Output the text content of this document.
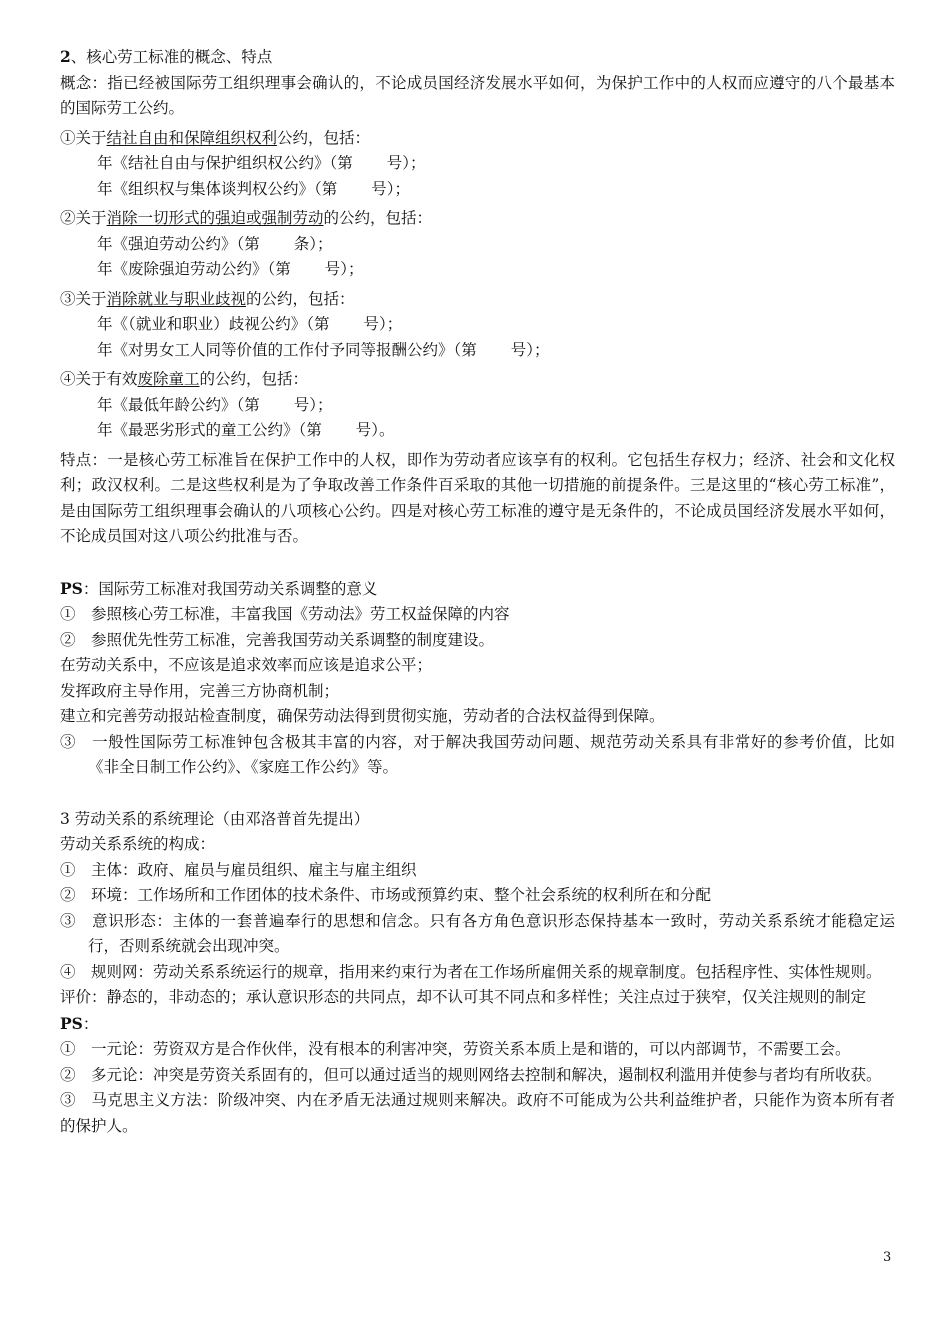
2、核心劳工标准的概念、特点
概念：指已经被国际劳工组织理事会确认的，不论成员国经济发展水平如何，为保护工作中的人权而应遵守的八个最基本的国际劳工公约。
①关于结社自由和保障组织权利公约，包括：
年《结社自由与保护组织权公约》（第 号）；
年《组织权与集体谈判权公约》（第 号）；
②关于消除一切形式的强迫或强制劳动的公约，包括：
年《强迫劳动公约》（第 条）；
年《废除强迫劳动公约》（第 号）；
③关于消除就业与职业歧视的公约，包括：
年《（就业和职业）歧视公约》（第 号）；
年《对男女工人同等价值的工作付予同等报酬公约》（第 号）；
④关于有效废除童工的公约，包括：
年《最低年龄公约》（第 号）；
年《最恶劣形式的童工公约》（第 号）。
特点：一是核心劳工标准旨在保护工作中的人权，即作为劳动者应该享有的权利。它包括生存权力；经济、社会和文化权利；政汉权利。二是这些权利是为了争取改善工作条件百采取的其他一切措施的前提条件。三是这里的“核心劳工标准”，是由国际劳工组织理事会确认的八项核心公约。四是对核心劳工标准的遵守是无条件的，不论成员国经济发展水平如何，不论成员国对这八项公约批准与否。
PS：国际劳工标准对我国劳动关系调整的意义
①　参照核心劳工标准，丰富我国《劳动法》劳工权益保障的内容
②　参照优先性劳工标准，完善我国劳动关系调整的制度建设。
在劳动关系中，不应该是追求效率而应该是追求公平；
发挥政府主导作用，完善三方协商机制；
建立和完善劳动报站检查制度，确保劳动法得到贯彻实施，劳动者的合法权益得到保障。
③　一般性国际劳工标准钟包含极其丰富的内容，对于解决我国劳动问题、规范劳动关系具有非常好的参考价值，比如《非全日制工作公约》、《家庭工作公约》等。
3 劳动关系的系统理论（由邓洛普首先提出）
劳动关系系统的构成：
①　主体：政府、雇员与雇员组织、雇主与雇主组织
②　环境：工作场所和工作团体的技术条件、市场或预算约束、整个社会系统的权利所在和分配
③　意识形态：主体的一套普遍奉行的思想和信念。只有各方角色意识形态保持基本一致时，劳动关系系统才能稳定运行，否则系统就会出现冲突。
④　规则网：劳动关系系统运行的规章，指用来约束行为者在工作场所雇佣关系的规章制度。包括程序性、实体性规则。
评价：静态的，非动态的；承认意识形态的共同点，却不认可其不同点和多样性；关注点过于狭窄，仅关注规则的制定
PS：
①　一元论：劳资双方是合作伙伴，没有根本的利害冲突，劳资关系本质上是和谐的，可以内部调节，不需要工会。
②　多元论：冲突是劳资关系固有的，但可以通过适当的规则网络去控制和解决，遏制权利滥用并使参与者均有所收获。
③　马克思主义方法：阶级冲突、内在矛盾无法通过规则来解决。政府不可能成为公共利益维护者，只能作为资本所有者的保护人。
3
